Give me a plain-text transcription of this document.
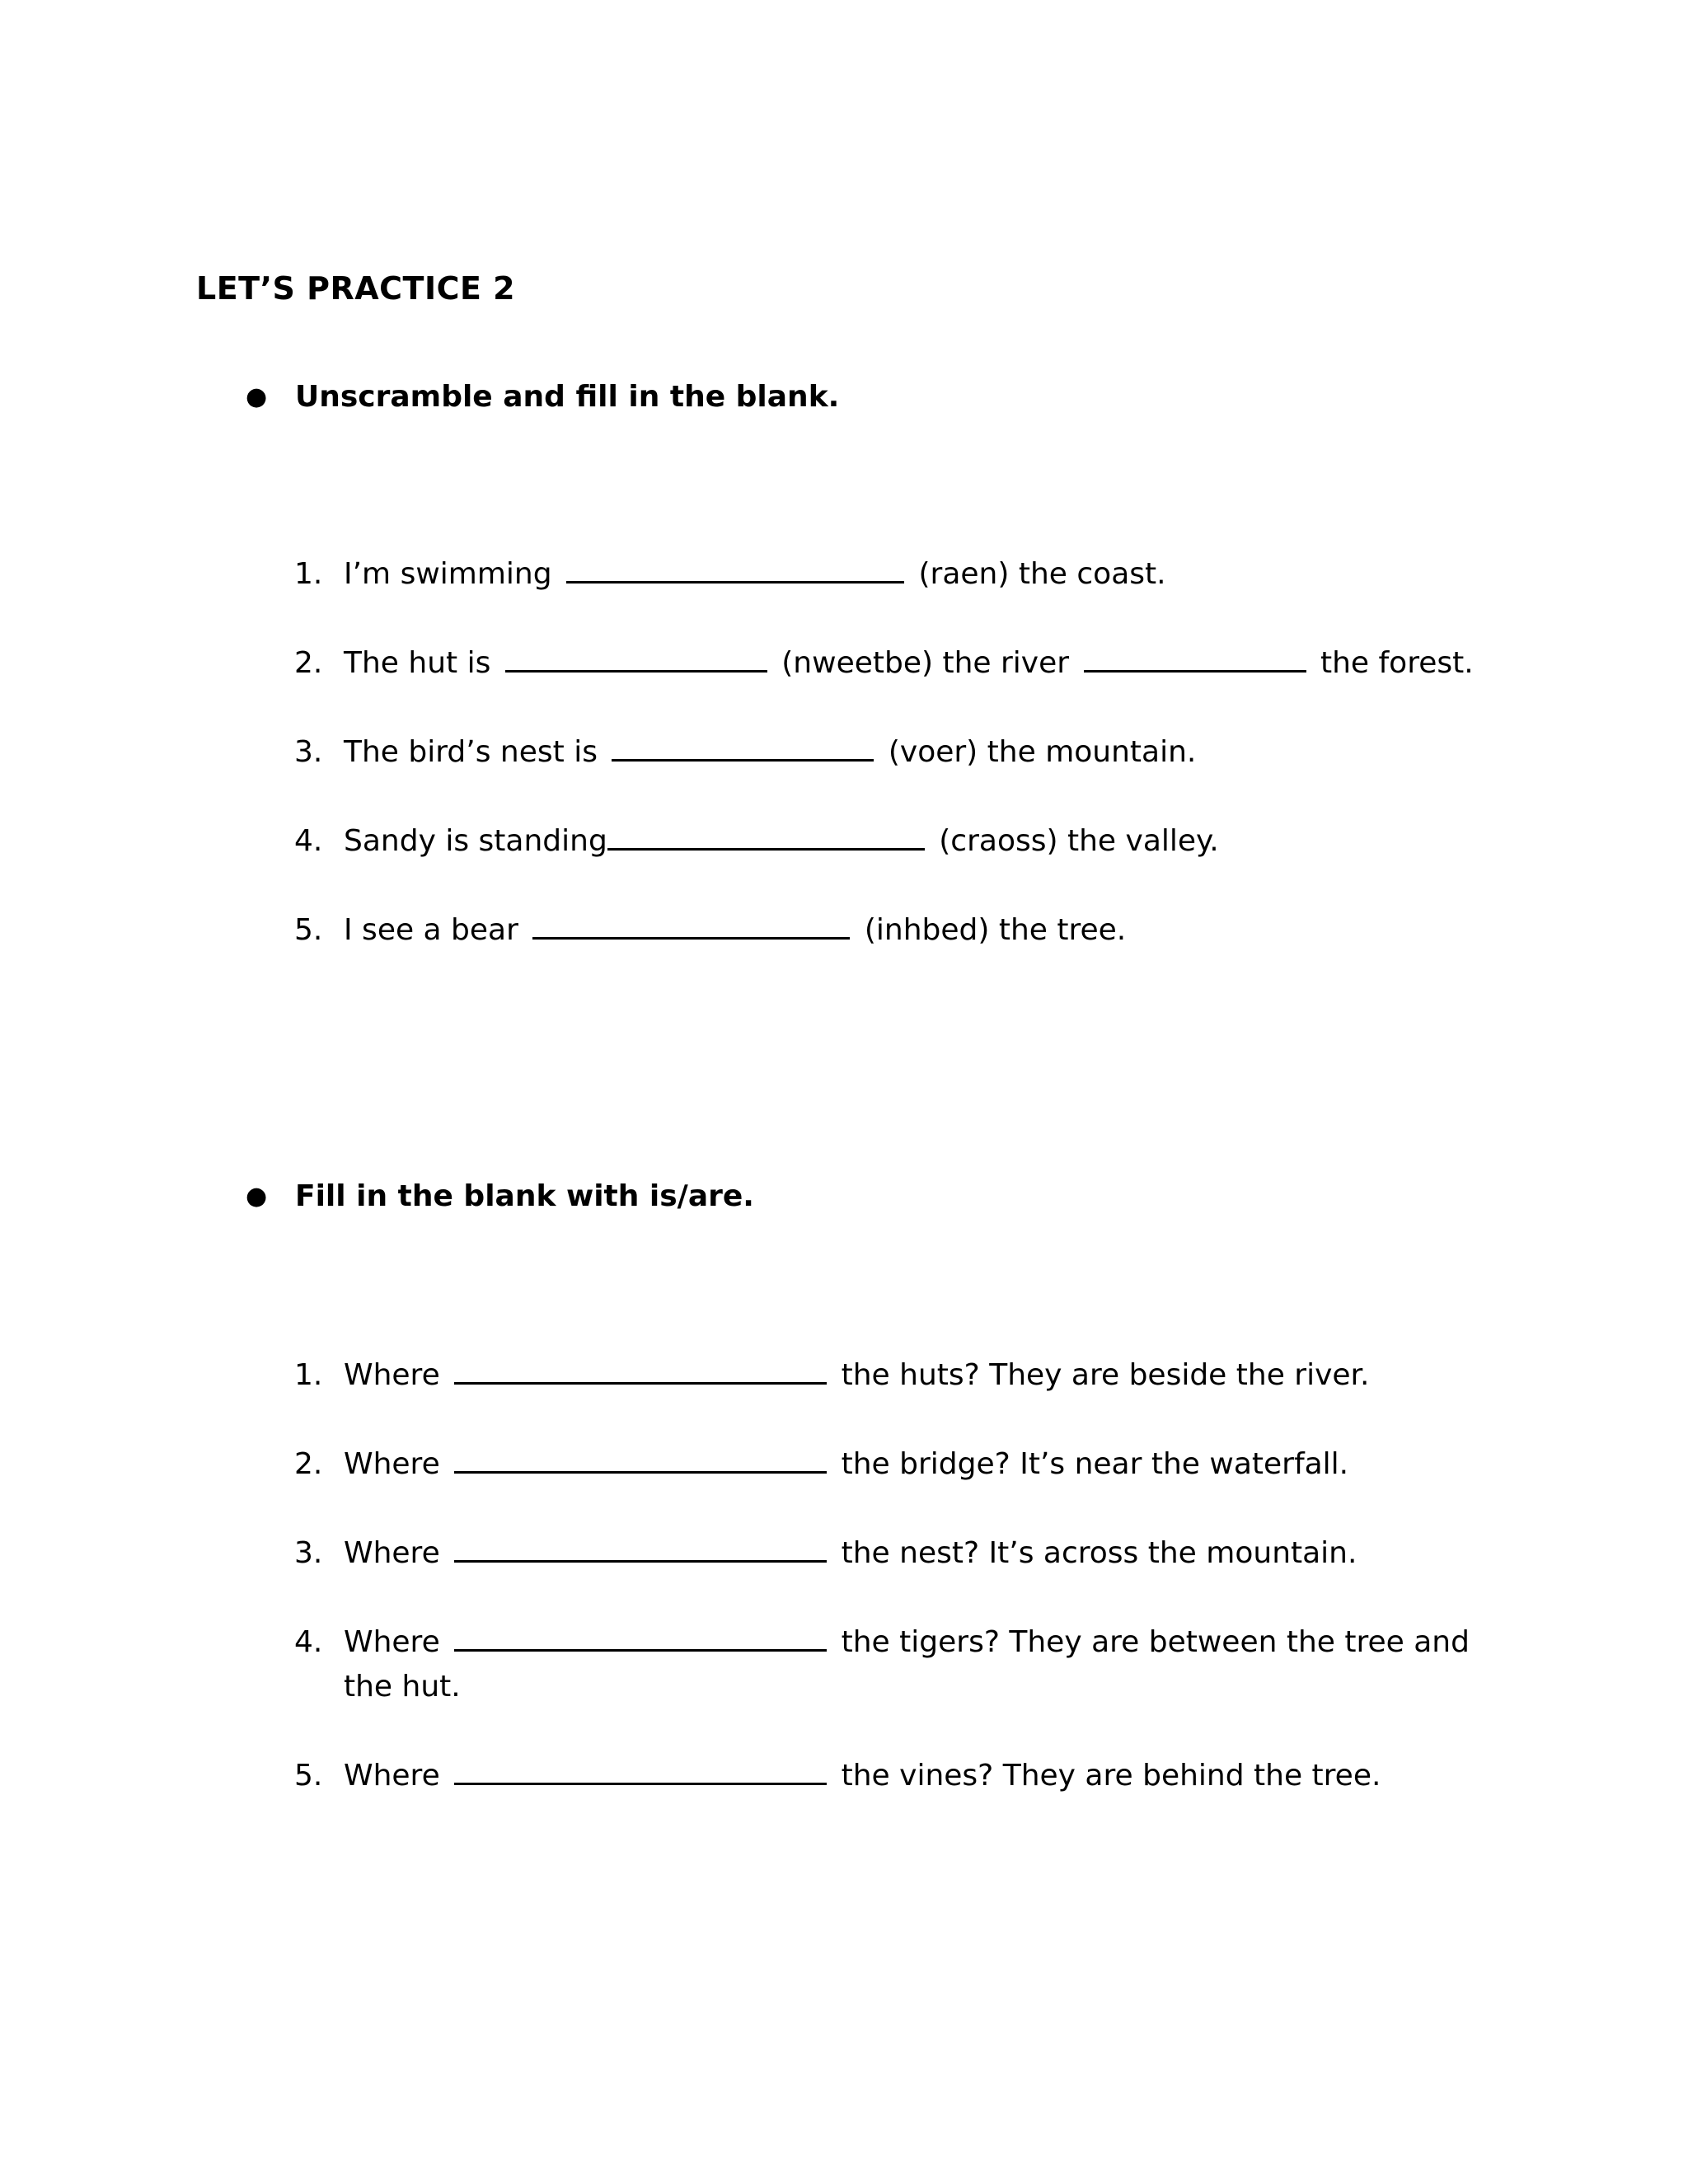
LET’S PRACTICE 2
● Unscramble and fill in the blank.
1. I’m swimming	(raen) the coast.
2. The hut is	(nweetbe) the river	the forest.
3. The bird’s nest is	(voer) the mountain.
4. Sandy is standing	(craoss) the valley.
5. I see a bear	(inhbed) the tree.
● Fill in the blank with is/are.
1. Where	the huts? They are beside the river.
2. Where	the bridge? It’s near the waterfall.
3. Where	the nest? It’s across the mountain.
4. Where	the tigers? They are between the tree and
the hut.
5. Where	the vines? They are behind the tree.
